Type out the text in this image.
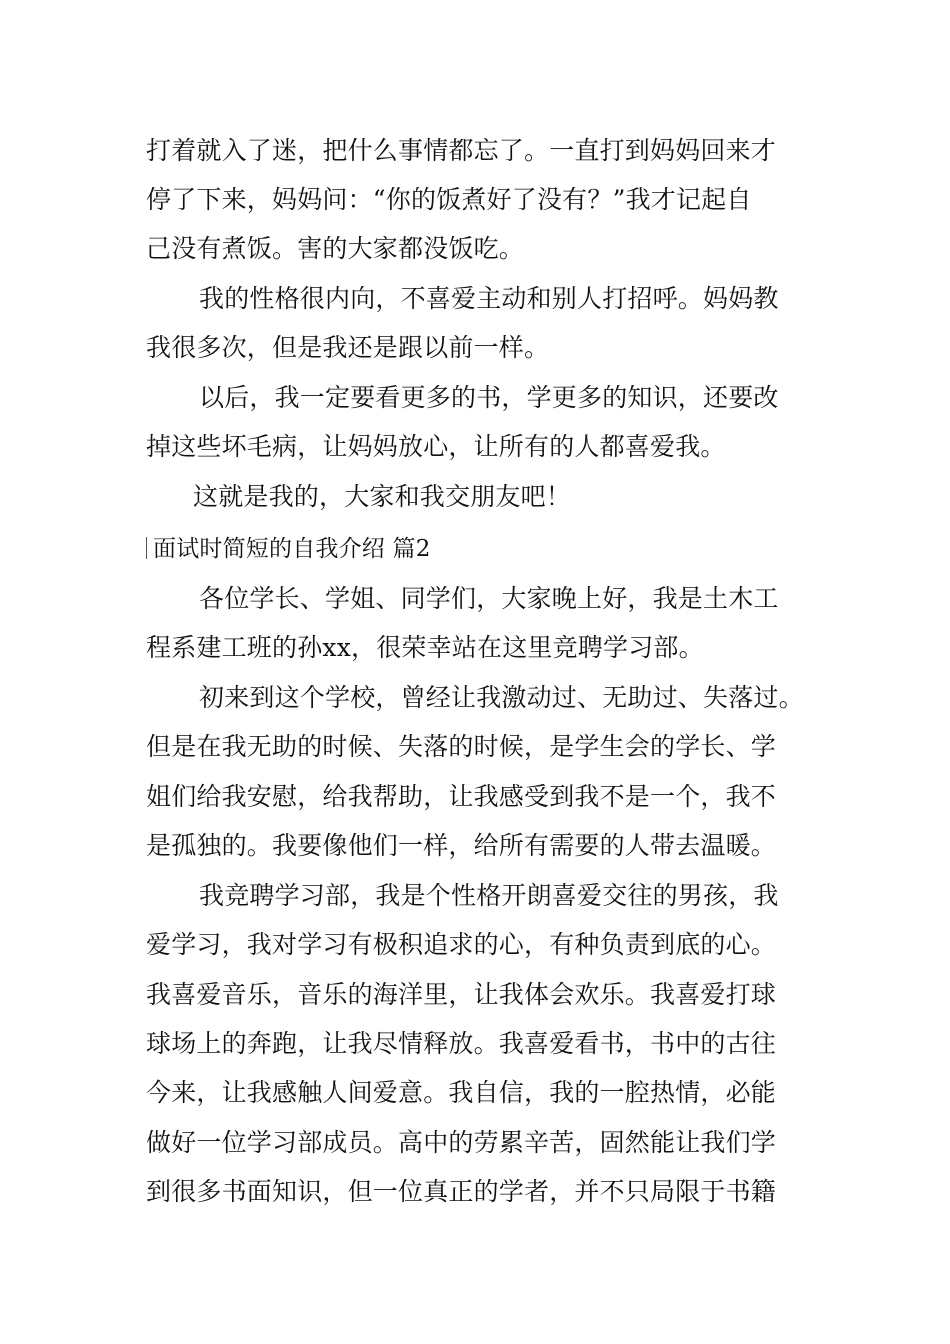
打着就入了迷，把什么事情都忘了。一直打到妈妈回来才
停了下来，妈妈问：“你的饭煮好了没有？”我才记起自
己没有煮饭。害的大家都没饭吃。
我的性格很内向，不喜爱主动和别人打招呼。妈妈教
我很多次，但是我还是跟以前一样。
以后，我一定要看更多的书，学更多的知识，还要改
掉这些坏毛病，让妈妈放心，让所有的人都喜爱我。
这就是我的，大家和我交朋友吧！
面试时简短的自我介绍 篇2
各位学长、学姐、同学们，大家晚上好，我是土木工
程系建工班的孙xx，很荣幸站在这里竞聘学习部。
初来到这个学校，曾经让我激动过、无助过、失落过。
但是在我无助的时候、失落的时候，是学生会的学长、学
姐们给我安慰，给我帮助，让我感受到我不是一个，我不
是孤独的。我要像他们一样，给所有需要的人带去温暖。
我竞聘学习部，我是个性格开朗喜爱交往的男孩，我
爱学习，我对学习有极积追求的心，有种负责到底的心。
我喜爱音乐，音乐的海洋里，让我体会欢乐。我喜爱打球
球场上的奔跑，让我尽情释放。我喜爱看书，书中的古往
今来，让我感触人间爱意。我自信，我的一腔热情，必能
做好一位学习部成员。高中的劳累辛苦，固然能让我们学
到很多书面知识，但一位真正的学者，并不只局限于书籍
